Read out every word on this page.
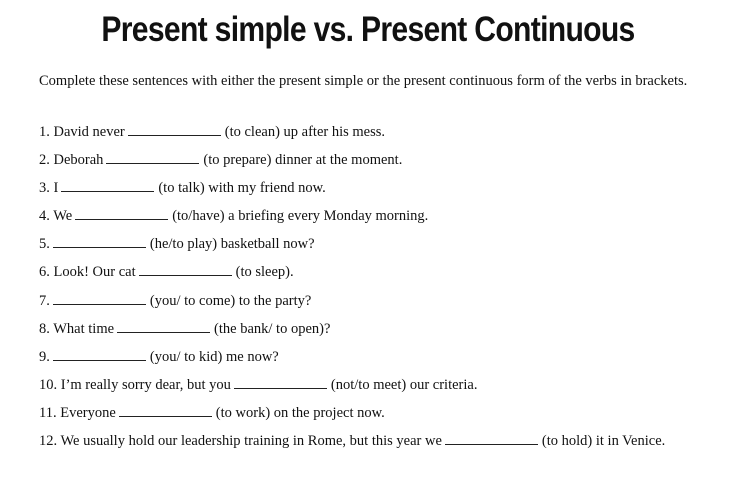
Present simple vs. Present Continuous
Complete these sentences with either the present simple or the present continuous form of the verbs in brackets.
1. David never	(to clean) up after his mess.
2. Deborah	(to prepare) dinner at the moment.
3. I	(to talk) with my friend now.
4. We	(to/have) a briefing every Monday morning.
5.	(he/to play) basketball now?
6. Look! Our cat	(to sleep).
7.	(you/ to come) to the party?
8. What time	(the bank/ to open)?
9.	(you/ to kid) me now?
10. I’m really sorry dear, but you	(not/to meet) our criteria.
11. Everyone	(to work) on the project now.
12. We usually hold our leadership training in Rome, but this year we	(to hold) it in Venice.
